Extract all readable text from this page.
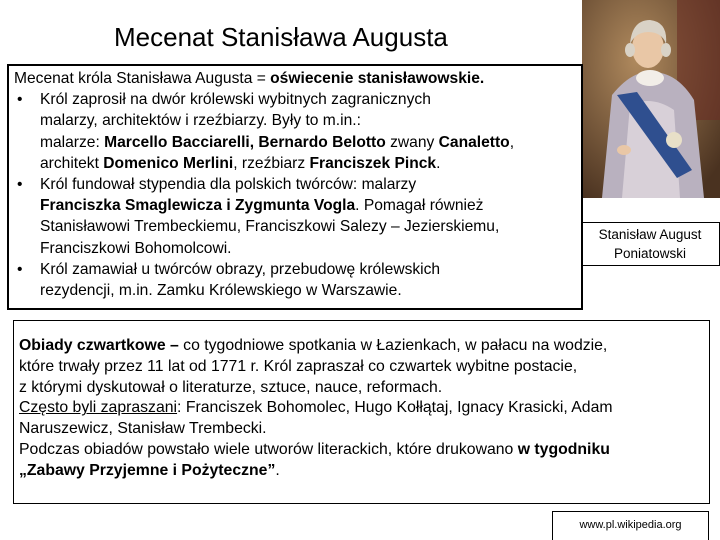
Mecenat Stanisława Augusta
Stanisław August
Poniatowski
Mecenat króla Stanisława Augusta = oświecenie stanisławowskie.
• Król zaprosił na dwór królewski wybitnych zagranicznych
malarzy, architektów i rzeźbiarzy. Były to m.in.:
malarze: Marcello Bacciarelli, Bernardo Belotto zwany Canaletto,
architekt Domenico Merlini, rzeźbiarz Franciszek Pinck.
• Król fundował stypendia dla polskich twórców: malarzy
Franciszka Smaglewicza i Zygmunta Vogla. Pomagał również
Stanisławowi Trembeckiemu, Franciszkowi Salezy – Jezierskiemu,
Franciszkowi Bohomolcowi.
• Król zamawiał u twórców obrazy, przebudowę królewskich
rezydencji, m.in. Zamku Królewskiego w Warszawie.
Obiady czwartkowe – co tygodniowe spotkania w Łazienkach, w pałacu na wodzie,
które trwały przez 11 lat od 1771 r. Król zapraszał co czwartek wybitne postacie,
z którymi dyskutował o literaturze, sztuce, nauce, reformach.
Często byli zapraszani: Franciszek Bohomolec, Hugo Kołłątaj, Ignacy Krasicki, Adam
Naruszewicz, Stanisław Trembecki.
Podczas obiadów powstało wiele utworów literackich, które drukowano w tygodniku
„Zabawy Przyjemne i Pożyteczne”.
www.pl.wikipedia.org
